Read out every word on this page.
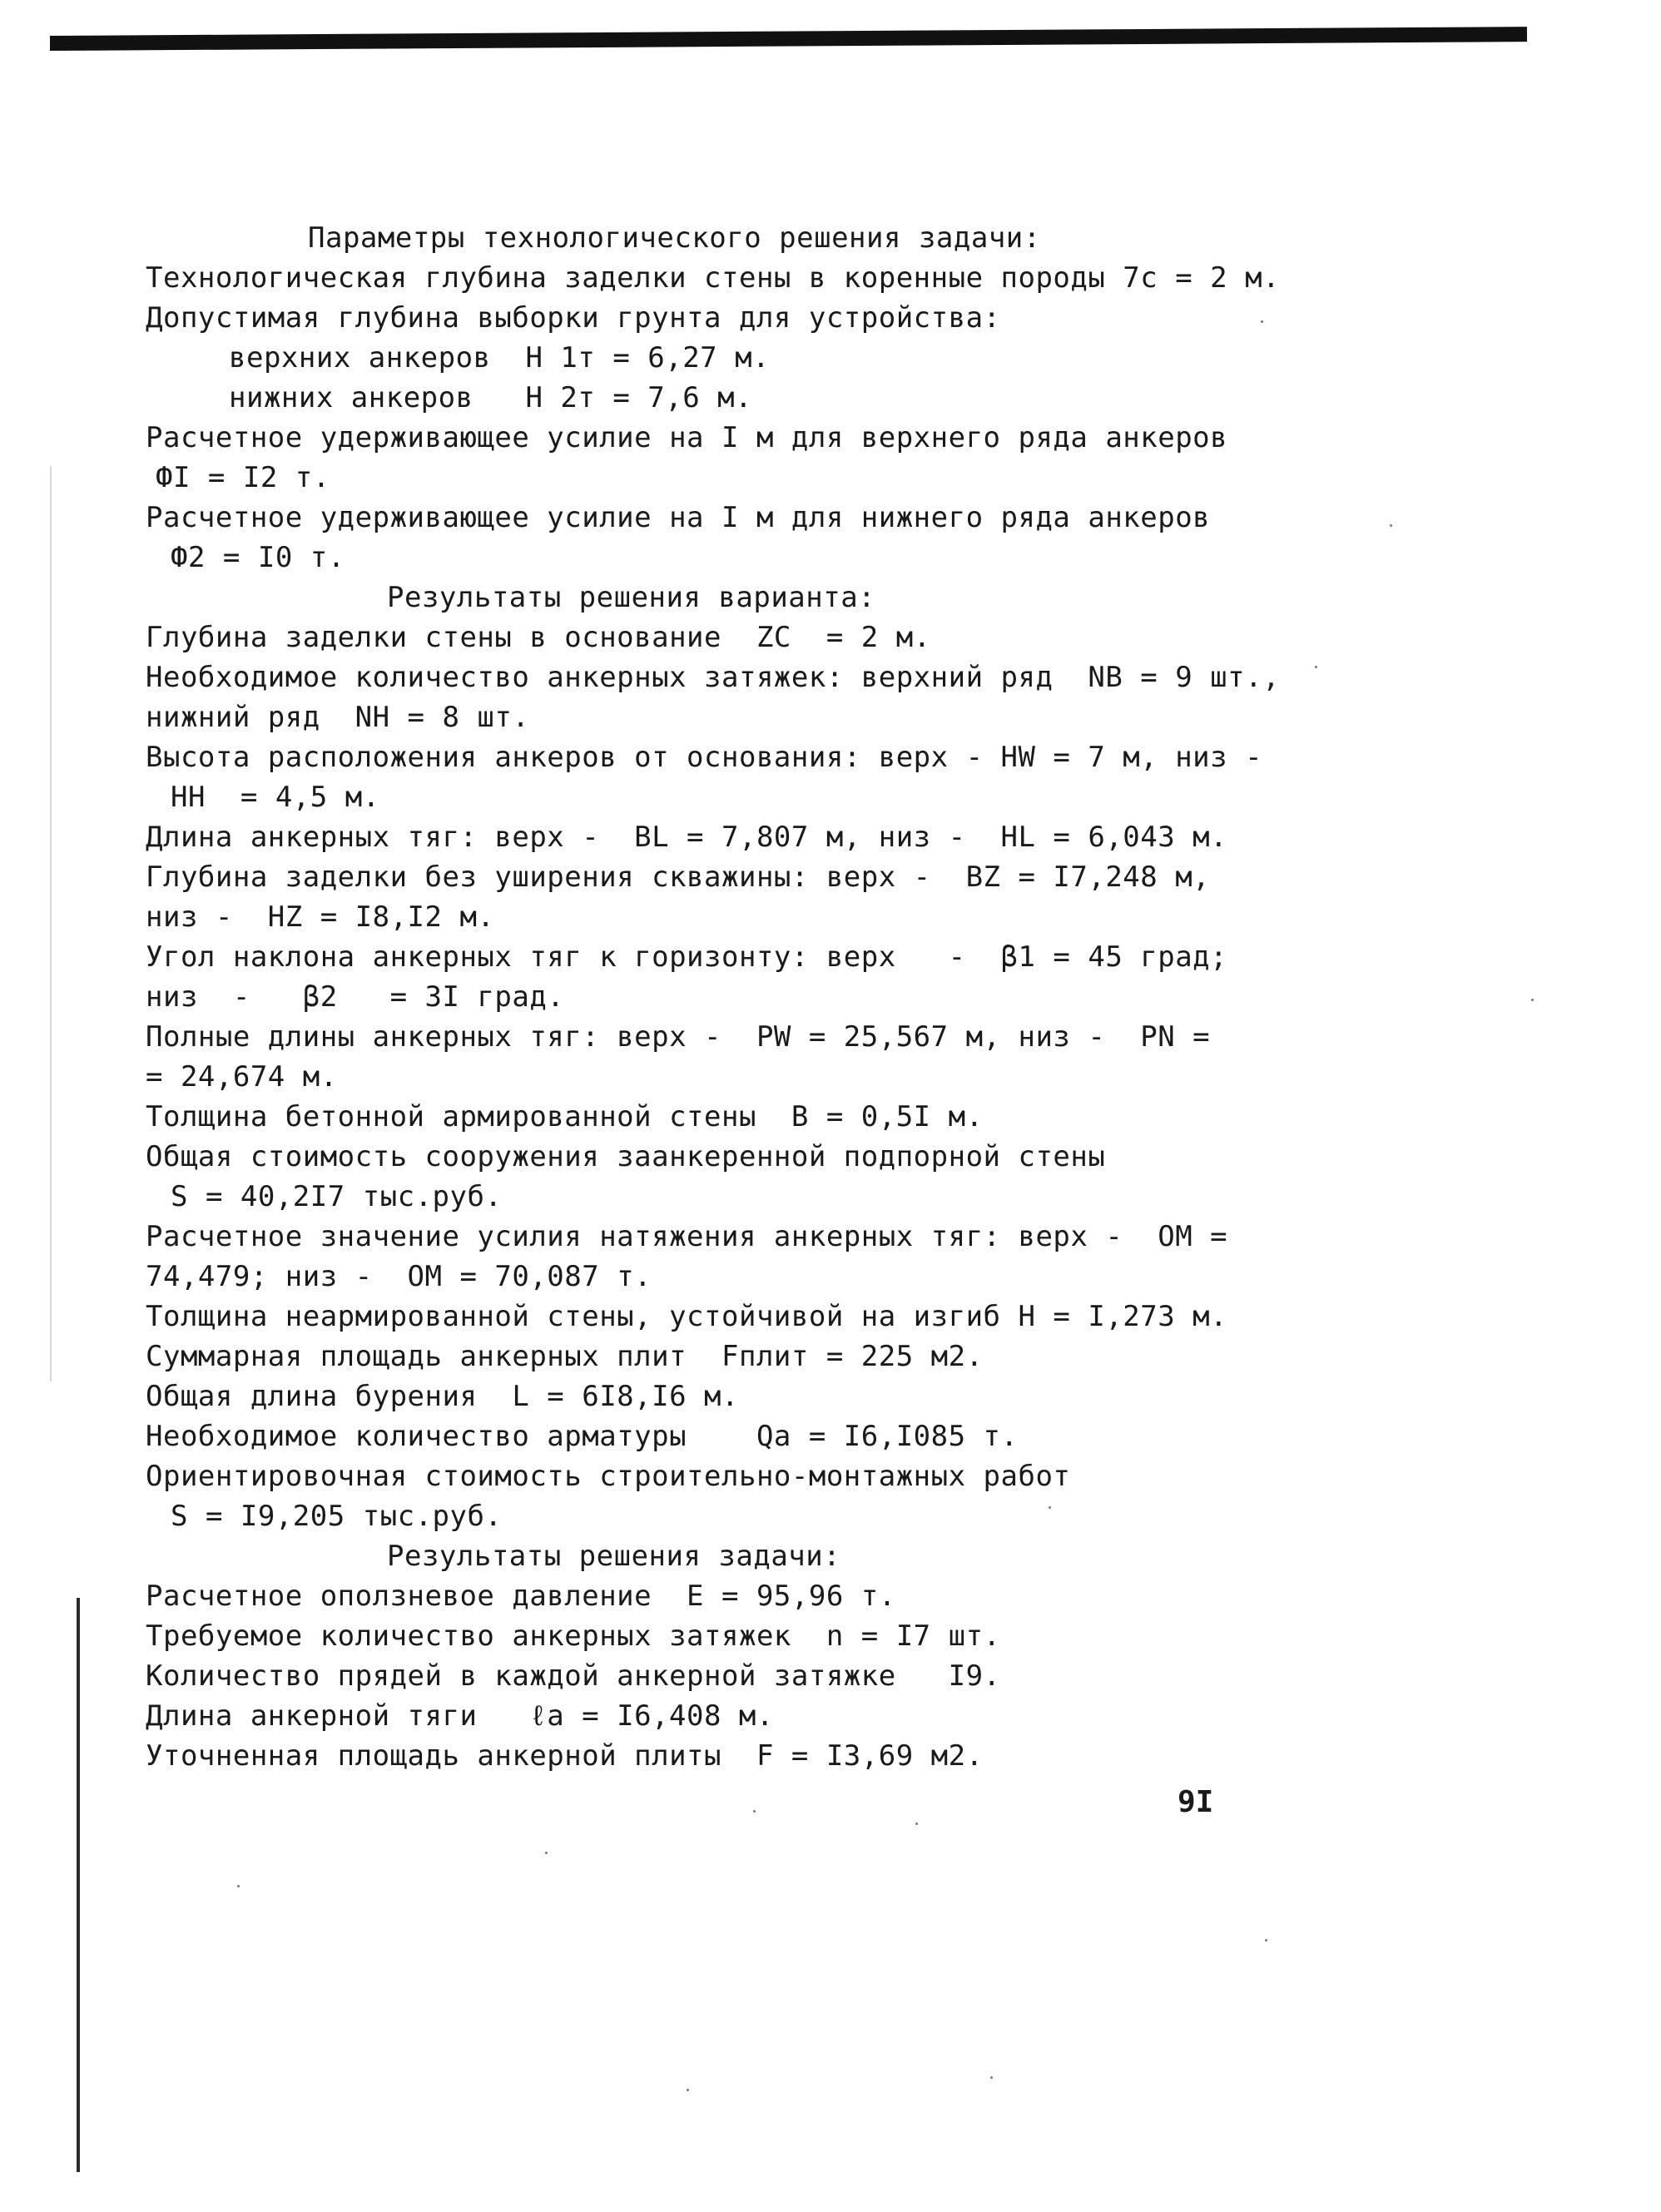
Параметры технологического решения задачи:
Технологическая глубина заделки стены в коренные породы 7c = 2 м.
Допустимая глубина выборки грунта для устройства:
верхних анкеров  Н 1т = 6,27 м.
нижних анкеров   Н 2т = 7,6 м.
Расчетное удерживающее усилие на I м для верхнего ряда анкеров
ФI = I2 т.
Расчетное удерживающее усилие на I м для нижнего ряда анкеров
Ф2 = I0 т.
Результаты решения варианта:
Глубина заделки стены в основание  ZC  = 2 м.
Необходимое количество анкерных затяжек: верхний ряд  NB = 9 шт.,
нижний ряд  NH = 8 шт.
Высота расположения анкеров от основания: верх - HW = 7 м, низ -
HH  = 4,5 м.
Длина анкерных тяг: верх -  BL = 7,807 м, низ -  HL = 6,043 м.
Глубина заделки без уширения скважины: верх -  BZ = I7,248 м,
низ -  HZ = I8,I2 м.
Угол наклона анкерных тяг к горизонту: верх   -  β1 = 45 град;
низ  -   β2   = 3I град.
Полные длины анкерных тяг: верх -  PW = 25,567 м, низ -  PN =
= 24,674 м.
Толщина бетонной армированной стены  B = 0,5I м.
Общая стоимость сооружения заанкеренной подпорной стены
S = 40,2I7 тыс.руб.
Расчетное значение усилия натяжения анкерных тяг: верх -  ОМ =
74,479; низ -  ОМ = 70,087 т.
Толщина неармированной стены, устойчивой на изгиб H = I,273 м.
Суммарная площадь анкерных плит  Fплит = 225 м2.
Общая длина бурения  L = 6I8,I6 м.
Необходимое количество арматуры    Qa = I6,I085 т.
Ориентировочная стоимость строительно-монтажных работ
S = I9,205 тыс.руб.
Результаты решения задачи:
Расчетное оползневое давление  E = 95,96 т.
Требуемое количество анкерных затяжек  n = I7 шт.
Количество прядей в каждой анкерной затяжке   I9.
Длина анкерной тяги   ℓa = I6,408 м.
Уточненная площадь анкерной плиты  F = I3,69 м2.
9I
